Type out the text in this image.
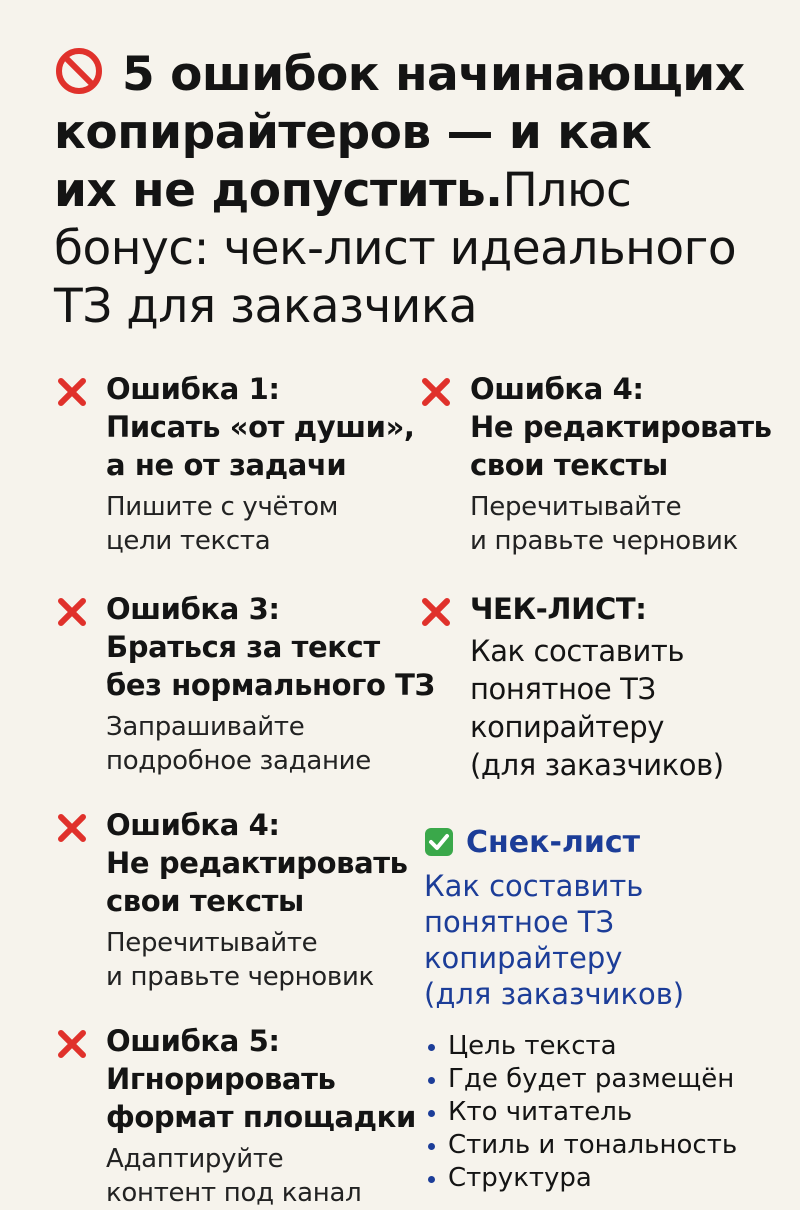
5 ошибок начинающих
копирайтеров — и как
их не допустить.Плюс
бонус: чек-лист идеального
ТЗ для заказчика
Ошибка 1:
Писать «от души»,
а не от задачи
Пишите с учётом
цели текста
Ошибка 3:
Браться за текст
без нормального ТЗ
Запрашивайте
подробное задание
Ошибка 4:
Не редактировать
свои тексты
Перечитывайте
и правьте черновик
Ошибка 5:
Игнорировать
формат площадки
Адаптируйте
контент под канал
Ошибка 4:
Не редактировать
свои тексты
Перечитывайте
и правьте черновик
ЧЕК-ЛИСТ:
Как составить
понятное ТЗ
копирайтеру
(для заказчиков)
Снек-лист
Как составить
понятное ТЗ
копирайтеру
(для заказчиков)
Цель текста
Где будет размещён
Кто читатель
Стиль и тональность
Структура
